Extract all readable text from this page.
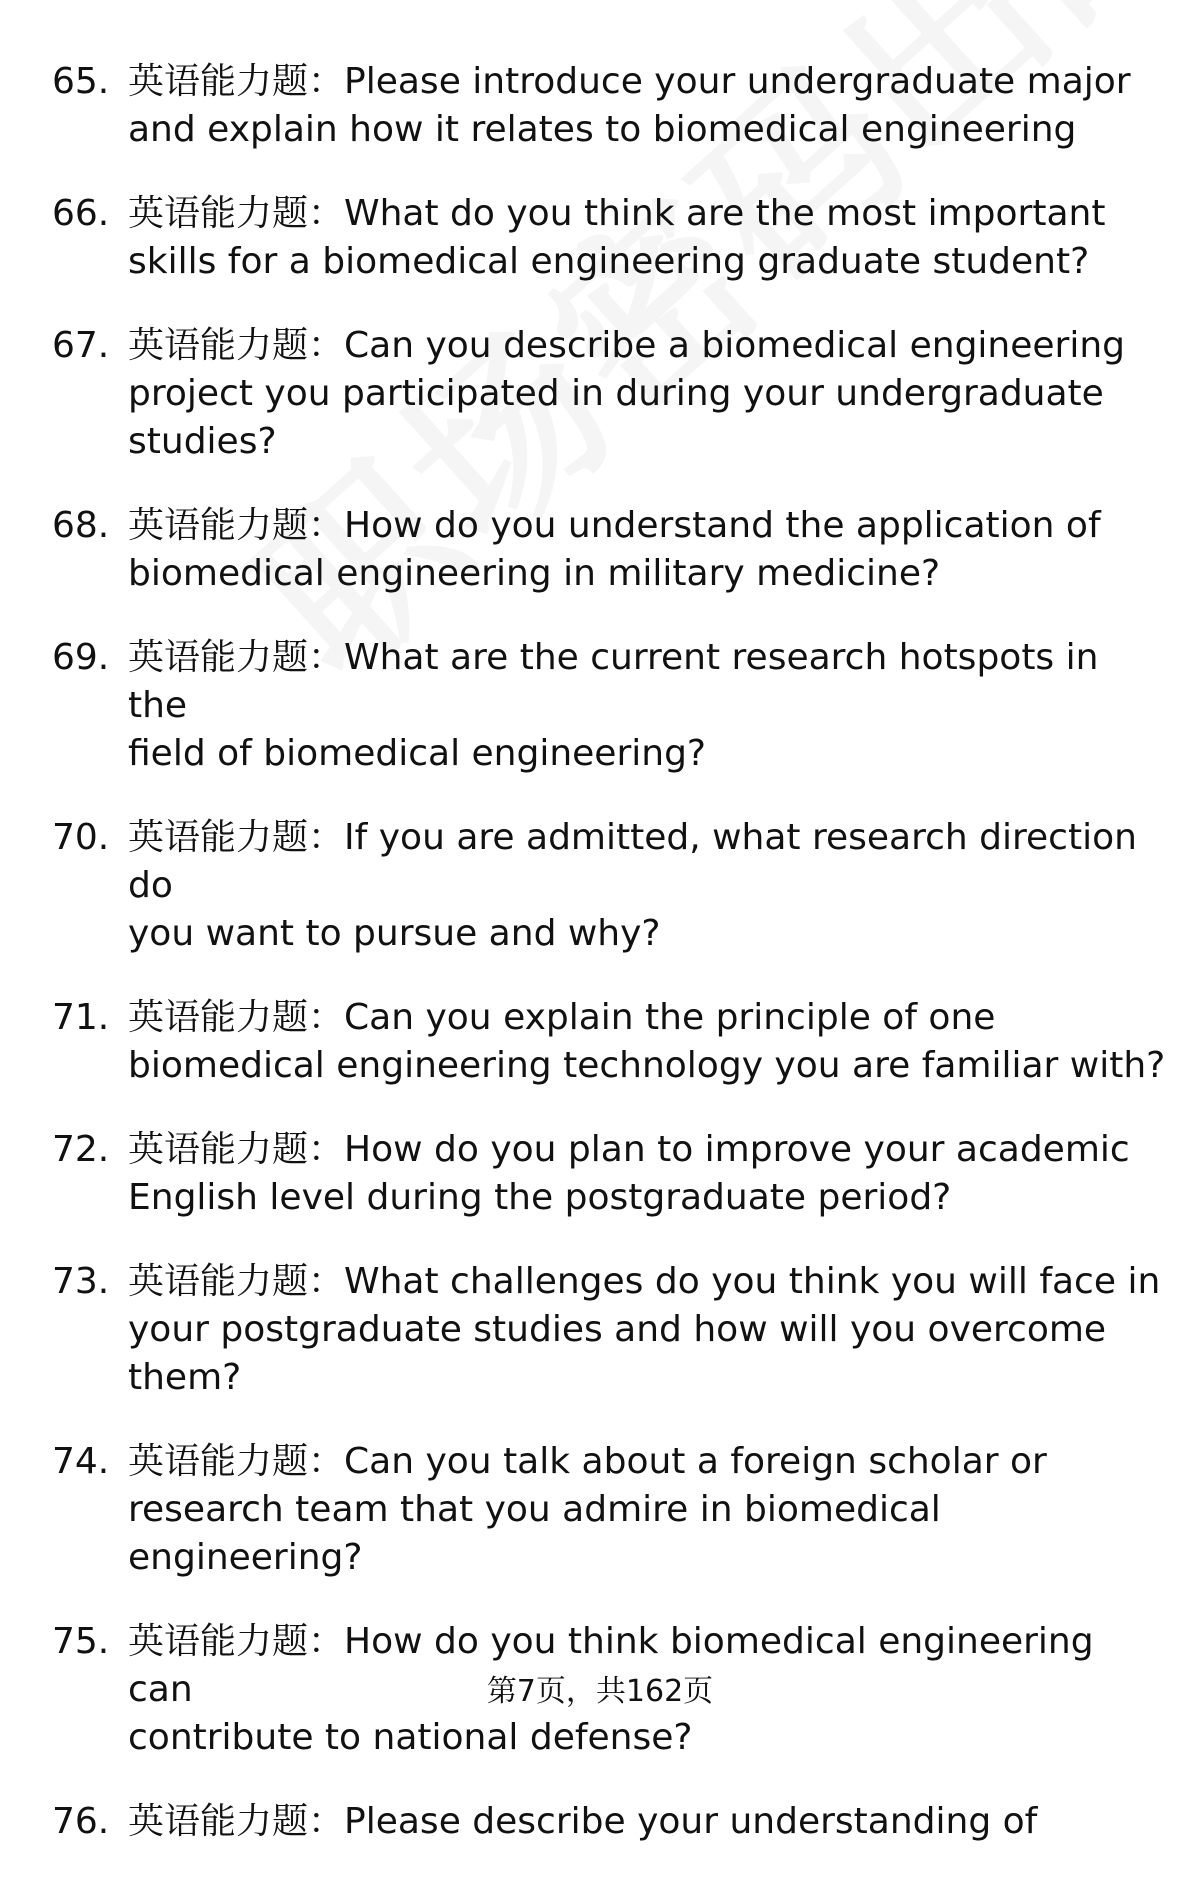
65. 英语能力题：Please introduce your undergraduate major
and explain how it relates to biomedical engineering
66. 英语能力题：What do you think are the most important
skills for a biomedical engineering graduate student?
67. 英语能力题：Can you describe a biomedical engineering
project you participated in during your undergraduate
studies?
68. 英语能力题：How do you understand the application of
biomedical engineering in military medicine?
69. 英语能力题：What are the current research hotspots in the
field of biomedical engineering?
70. 英语能力题：If you are admitted, what research direction do
you want to pursue and why?
71. 英语能力题：Can you explain the principle of one
biomedical engineering technology you are familiar with?
72. 英语能力题：How do you plan to improve your academic
English level during the postgraduate period?
73. 英语能力题：What challenges do you think you will face in
your postgraduate studies and how will you overcome
them?
74. 英语能力题：Can you talk about a foreign scholar or
research team that you admire in biomedical engineering?
75. 英语能力题：How do you think biomedical engineering can
contribute to national defense?
76. 英语能力题：Please describe your understanding of
第7页，共162页
